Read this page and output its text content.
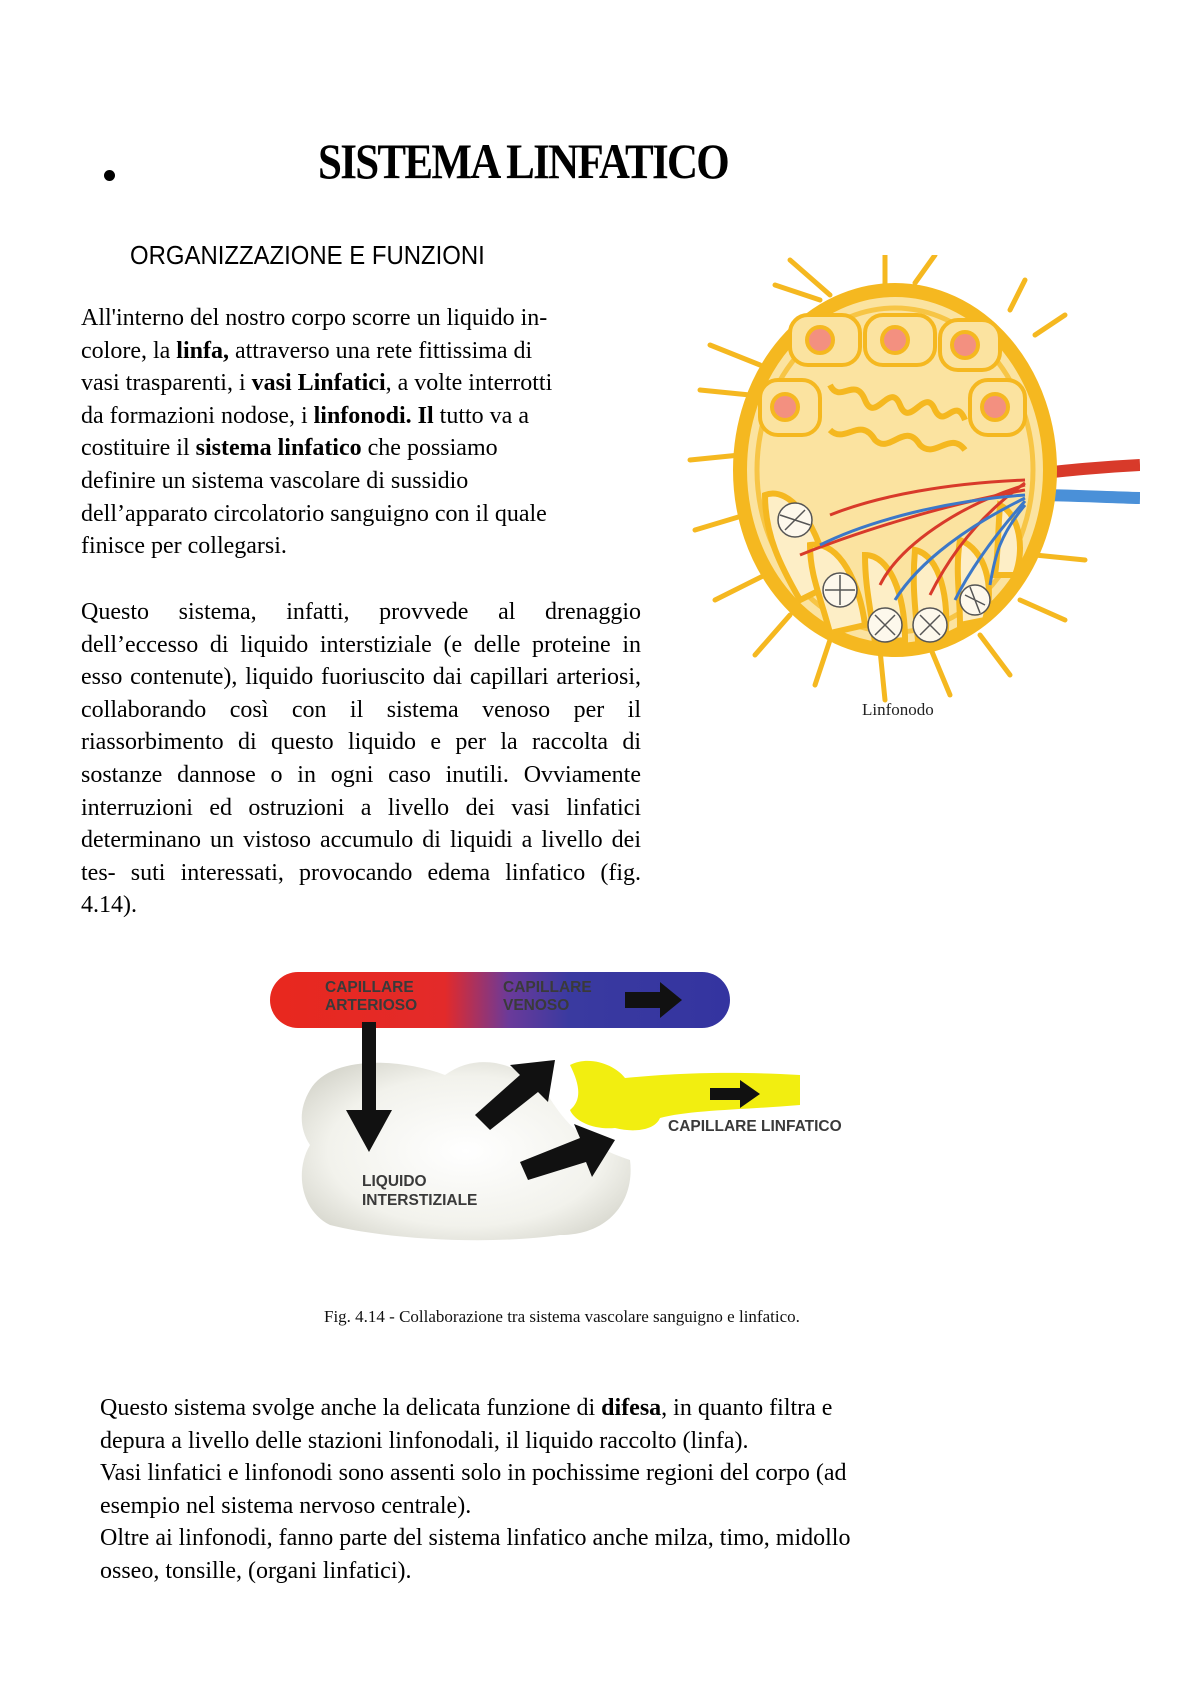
SISTEMA LINFATICO
ORGANIZZAZIONE E FUNZIONI
All'interno del nostro corpo scorre un liquido in-
colore, la linfa, attraverso una rete fittissima di
vasi trasparenti, i vasi Linfatici, a volte interrotti
da formazioni nodose, i linfonodi. Il tutto va a
costituire il sistema linfatico che possiamo
definire un sistema vascolare di sussidio
dell’apparato circolatorio sanguigno con il quale
finisce per collegarsi.

Questo sistema, infatti, provvede al drenaggio dell’eccesso di liquido interstiziale (e delle proteine in esso contenute), liquido fuoriuscito dai capillari arteriosi, collaborando così con il sistema venoso per il riassorbimento di questo liquido e per la raccolta di sostanze dannose o in ogni caso inutili. Ovviamente interruzioni ed ostruzioni a livello dei vasi linfatici determinano un vistoso accumulo di liquidi a livello dei tes- suti interessati, provocando edema linfatico (fig. 4.14).

Linfonodo
CAPILLARE
ARTERIOSO
CAPILLARE
VENOSO
CAPILLARE LINFATICO
LIQUIDO
INTERSTIZIALE
Fig. 4.14 - Collaborazione tra sistema vascolare sanguigno e linfatico.
Questo sistema svolge anche la delicata funzione di difesa, in quanto filtra e
depura a livello delle stazioni linfonodali, il liquido raccolto (linfa).
Vasi linfatici e linfonodi sono assenti solo in pochissime regioni del corpo (ad
esempio nel sistema nervoso centrale).
Oltre ai linfonodi, fanno parte del sistema linfatico anche milza, timo, midollo
osseo, tonsille, (organi linfatici).
